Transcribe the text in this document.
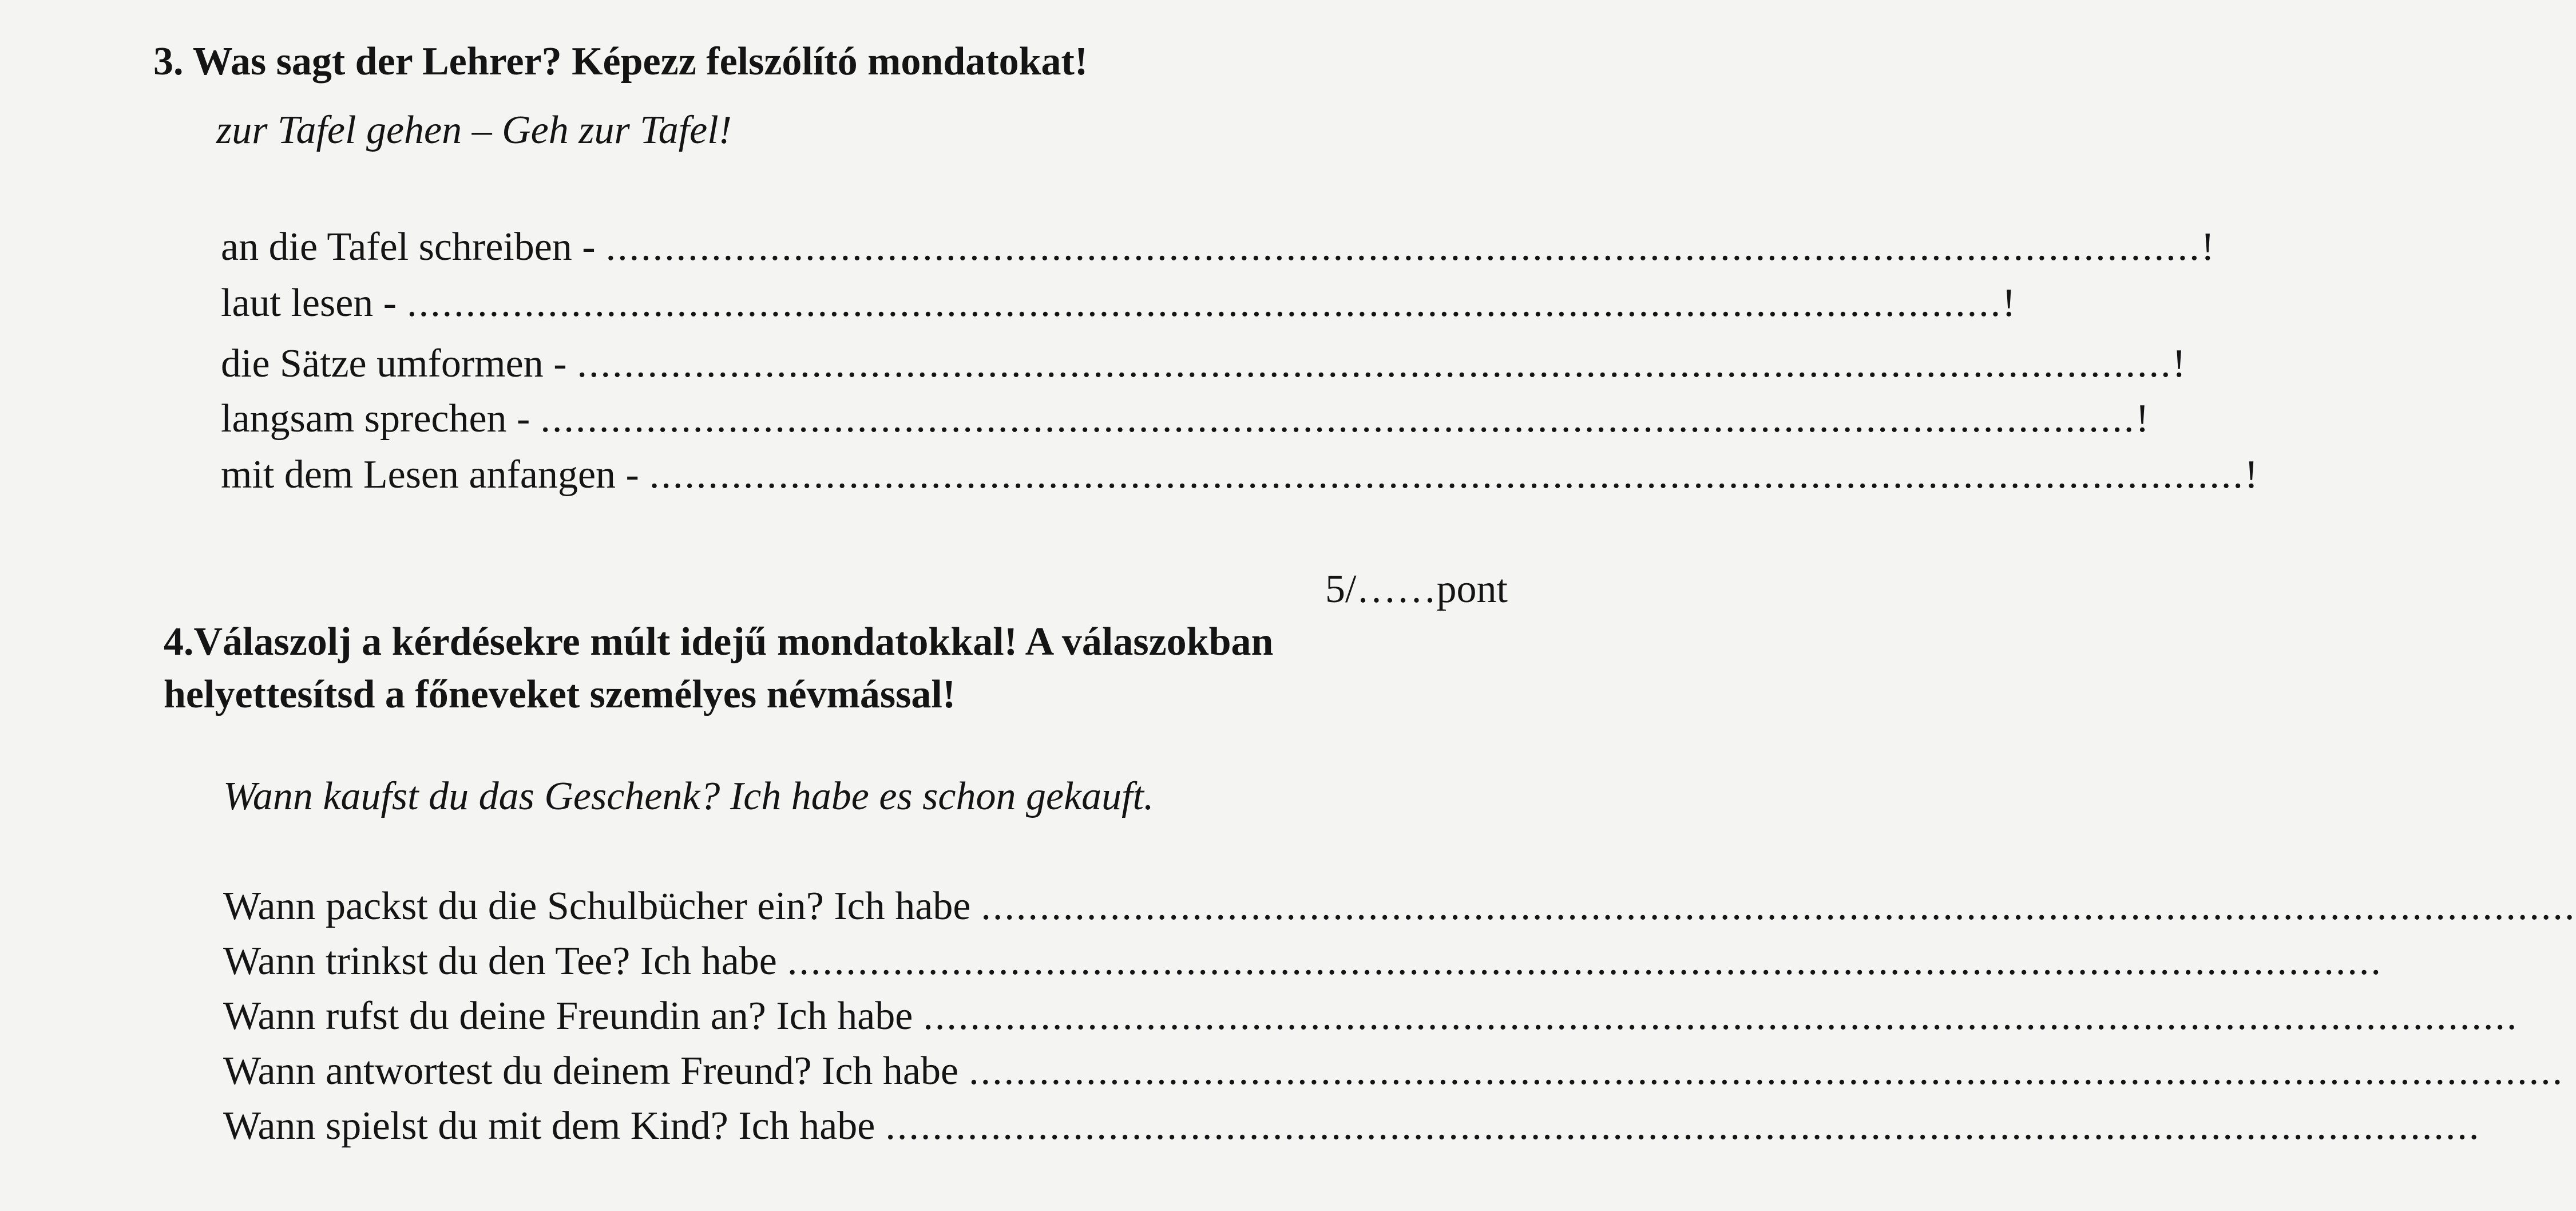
3. Was sagt der Lehrer? Képezz felszólító mondatokat!
zur Tafel gehen – Geh zur Tafel!
an die Tafel schreiben - ........................................................................................................................................ !
laut lesen - ........................................................................................................................................ !
die Sätze umformen - ........................................................................................................................................ !
langsam sprechen - ........................................................................................................................................ !
mit dem Lesen anfangen - ........................................................................................................................................ !
5/……pont
4.Válaszolj a kérdésekre múlt idejű mondatokkal! A válaszokban
helyettesítsd a főneveket személyes névmással!
Wann kaufst du das Geschenk? Ich habe es schon gekauft.
Wann packst du die Schulbücher ein? Ich habe ........................................................................................................................................
Wann trinkst du den Tee? Ich habe ........................................................................................................................................
Wann rufst du deine Freundin an? Ich habe ........................................................................................................................................
Wann antwortest du deinem Freund? Ich habe ........................................................................................................................................
Wann spielst du mit dem Kind? Ich habe ........................................................................................................................................
